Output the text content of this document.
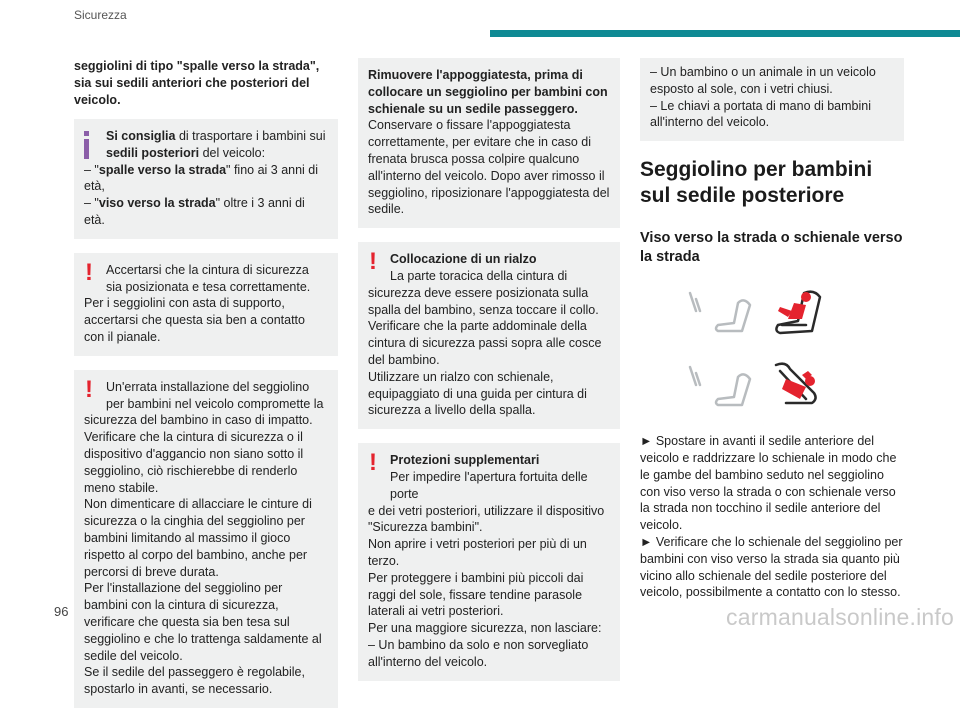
Sicurezza

seggiolini di tipo "spalle verso la strada", sia sui sedili anteriori che posteriori del veicolo.

Si consiglia di trasportare i bambini sui sedili posteriori del veicolo:

– "spalle verso la strada" fino ai 3 anni di età,

– "viso verso la strada" oltre i 3 anni di età.

! Accertarsi che la cintura di sicurezza sia posizionata e tesa correttamente.

Per i seggiolini con asta di supporto, accertarsi che questa sia ben a contatto con il pianale.

! Un'errata installazione del seggiolino per bambini nel veicolo compromette la

sicurezza del bambino in caso di impatto.

Verificare che la cintura di sicurezza o il dispositivo d'aggancio non siano sotto il seggiolino, ciò rischierebbe di renderlo meno stabile.

Non dimenticare di allacciare le cinture di sicurezza o la cinghia del seggiolino per bambini limitando al massimo il gioco rispetto al corpo del bambino, anche per percorsi di breve durata.

Per l'installazione del seggiolino per bambini con la cintura di sicurezza, verificare che questa sia ben tesa sul seggiolino e che lo trattenga saldamente al sedile del veicolo.

Se il sedile del passeggero è regolabile, spostarlo in avanti, se necessario.

Rimuovere l'appoggiatesta, prima di collocare un seggiolino per bambini con schienale su un sedile passeggero.

Conservare o fissare l'appoggiatesta correttamente, per evitare che in caso di frenata brusca possa colpire qualcuno all'interno del veicolo. Dopo aver rimosso il seggiolino, riposizionare l'appoggiatesta del sedile.

! Collocazione di un rialzo
La parte toracica della cintura di

sicurezza deve essere posizionata sulla spalla del bambino, senza toccare il collo.

Verificare che la parte addominale della cintura di sicurezza passi sopra alle cosce del bambino.

Utilizzare un rialzo con schienale, equipaggiato di una guida per cintura di sicurezza a livello della spalla.

! Protezioni supplementari
Per impedire l'apertura fortuita delle porte

e dei vetri posteriori, utilizzare il dispositivo "Sicurezza bambini".

Non aprire i vetri posteriori per più di un terzo.

Per proteggere i bambini più piccoli dai raggi del sole, fissare tendine parasole laterali ai vetri posteriori.

Per una maggiore sicurezza, non lasciare:

– Un bambino da solo e non sorvegliato all'interno del veicolo.

– Un bambino o un animale in un veicolo esposto al sole, con i vetri chiusi.

– Le chiavi a portata di mano di bambini all'interno del veicolo.

Seggiolino per bambini sul sedile posteriore
Viso verso la strada o schienale verso la strada

► Spostare in avanti il sedile anteriore del veicolo e raddrizzare lo schienale in modo che le gambe del bambino seduto nel seggiolino con viso verso la strada o con schienale verso la strada non tocchino il sedile anteriore del veicolo.

► Verificare che lo schienale del seggiolino per bambini con viso verso la strada sia quanto più vicino allo schienale del sedile posteriore del veicolo, possibilmente a contatto con lo stesso.

96	carmanualsonline.info
